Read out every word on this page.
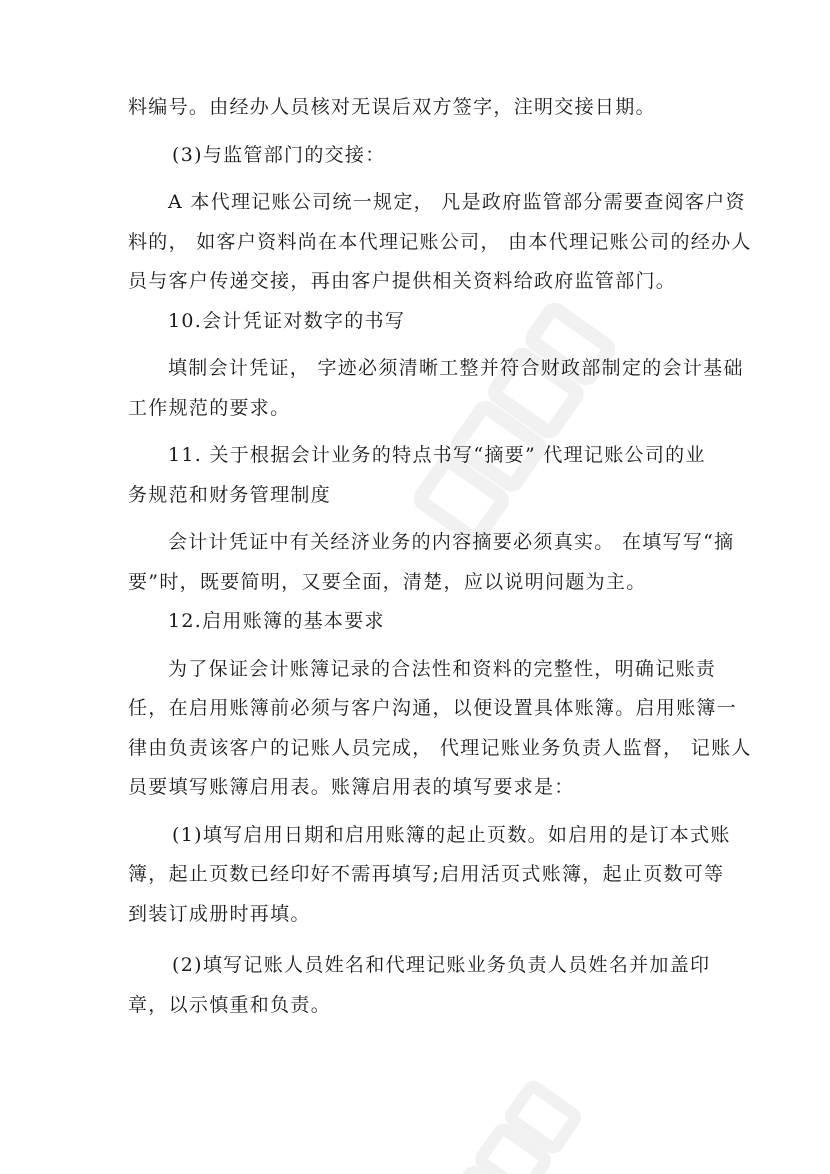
料编号。由经办人员核对无误后双方签字，注明交接日期。

(3)与监管部门的交接：

A 本代理记账公司统一规定， 凡是政府监管部分需要查阅客户资
料的， 如客户资料尚在本代理记账公司， 由本代理记账公司的经办人
员与客户传递交接，再由客户提供相关资料给政府监管部门。

10.会计凭证对数字的书写

填制会计凭证， 字迹必须清晰工整并符合财政部制定的会计基础
工作规范的要求。

11. 关于根据会计业务的特点书写“摘要” 代理记账公司的业
务规范和财务管理制度

会计计凭证中有关经济业务的内容摘要必须真实。 在填写写“摘
要”时，既要简明，又要全面，清楚，应以说明问题为主。

12.启用账簿的基本要求

为了保证会计账簿记录的合法性和资料的完整性，明确记账责
任，在启用账簿前必须与客户沟通，以便设置具体账簿。启用账簿一
律由负责该客户的记账人员完成， 代理记账业务负责人监督， 记账人
员要填写账簿启用表。账簿启用表的填写要求是：

(1)填写启用日期和启用账簿的起止页数。如启用的是订本式账
簿，起止页数已经印好不需再填写;启用活页式账簿，起止页数可等
到装订成册时再填。

(2)填写记账人员姓名和代理记账业务负责人员姓名并加盖印
章，以示慎重和负责。
